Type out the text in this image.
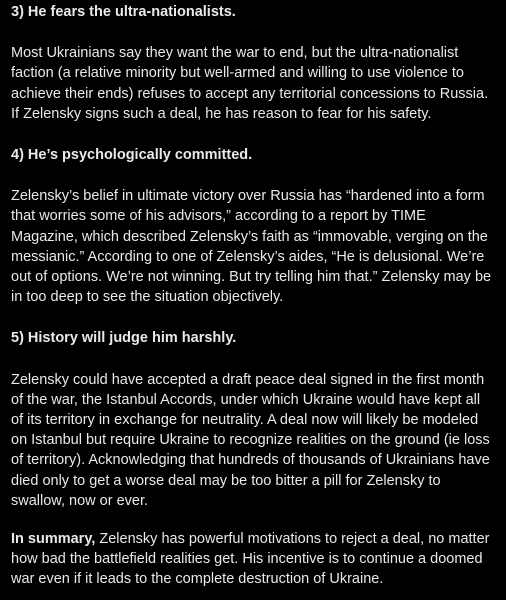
3) He fears the ultra-nationalists.

Most Ukrainians say they want the war to end, but the ultra-nationalist faction (a relative minority but well-armed and willing to use violence to achieve their ends) refuses to accept any territorial concessions to Russia. If Zelensky signs such a deal, he has reason to fear for his safety.

4) He’s psychologically committed.

Zelensky’s belief in ultimate victory over Russia has “hardened into a form that worries some of his advisors,” according to a report by TIME Magazine, which described Zelensky’s faith as “immovable, verging on the messianic.” According to one of Zelensky’s aides, “He is delusional. We’re out of options. We’re not winning. But try telling him that.” Zelensky may be in too deep to see the situation objectively.

5) History will judge him harshly.

Zelensky could have accepted a draft peace deal signed in the first month of the war, the Istanbul Accords, under which Ukraine would have kept all of its territory in exchange for neutrality. A deal now will likely be modeled on Istanbul but require Ukraine to recognize realities on the ground (ie loss of territory). Acknowledging that hundreds of thousands of Ukrainians have died only to get a worse deal may be too bitter a pill for Zelensky to swallow, now or ever.

In summary, Zelensky has powerful motivations to reject a deal, no matter how bad the battlefield realities get. His incentive is to continue a doomed war even if it leads to the complete destruction of Ukraine.
